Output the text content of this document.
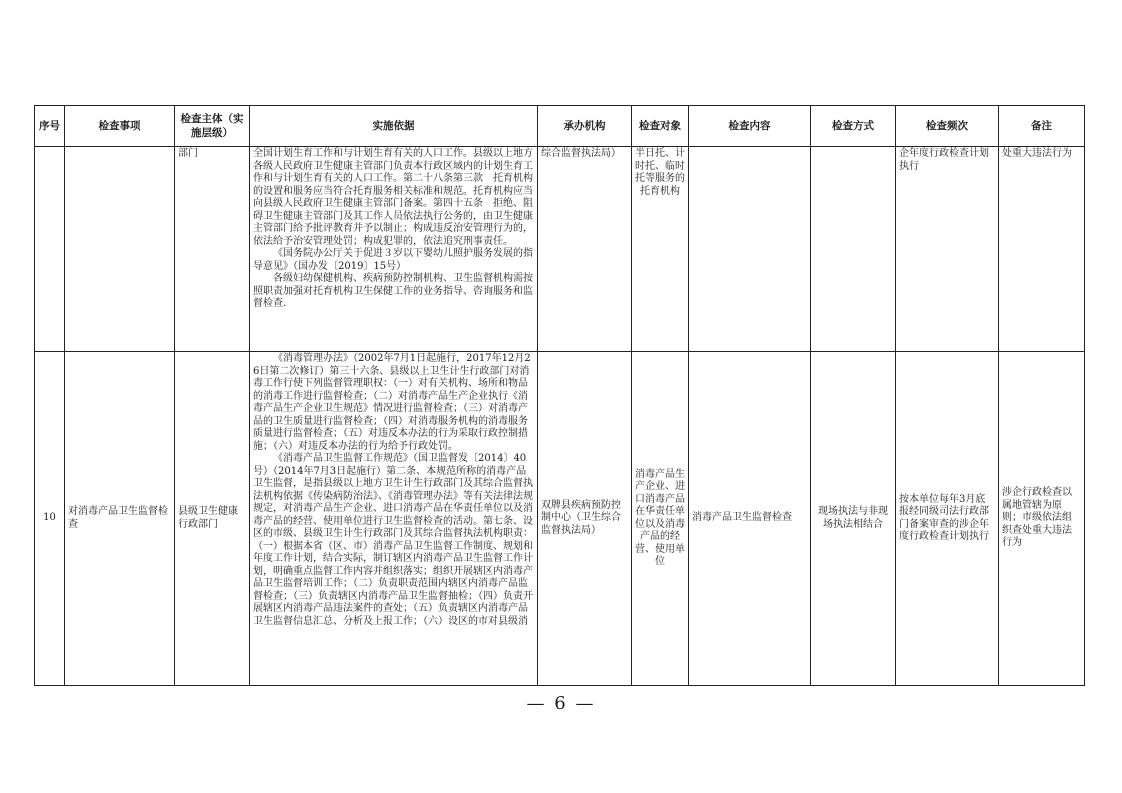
序号	检查事项	检查主体（实施层级）	实施依据	承办机构	检查对象	检查内容	检查方式	检查频次	备注
		部门	全国计划生育工作和与计划生育有关的人口工作。县级以上地方各级人民政府卫生健康主管部门负责本行政区域内的计划生育工作和与计划生育有关的人口工作。第二十八条第三款　托育机构的设置和服务应当符合托育服务相关标准和规范。托育机构应当向县级人民政府卫生健康主管部门备案。第四十五条　拒绝、阻碍卫生健康主管部门及其工作人员依法执行公务的，由卫生健康主管部门给予批评教育并予以制止；构成违反治安管理行为的，依法给予治安管理处罚；构成犯罪的，依法追究刑事责任。
《国务院办公厅关于促进３岁以下婴幼儿照护服务发展的指导意见》（国办发〔2019〕15号）
各级妇幼保健机构、疾病预防控制机构、卫生监督机构需按照职责加强对托育机构卫生保健工作的业务指导、咨询服务和监督检查.	综合监督执法局）	半日托、计时托、临时托等服务的托育机构			企年度行政检查计划执行	处重大违法行为
10	对消毒产品卫生监督检查	县级卫生健康行政部门	《消毒管理办法》（2002年7月1日起施行，2017年12月26日第二次修订）第三十六条、县级以上卫生计生行政部门对消毒工作行使下列监督管理职权：（一）对有关机构、场所和物品的消毒工作进行监督检查；（二）对消毒产品生产企业执行《消毒产品生产企业卫生规范》情况进行监督检查；（三）对消毒产品的卫生质量进行监督检查；（四）对消毒服务机构的消毒服务质量进行监督检查；（五）对违反本办法的行为采取行政控制措施；（六）对违反本办法的行为给予行政处罚。
《消毒产品卫生监督工作规范》（国卫监督发〔2014〕40号）（2014年7月3日起施行）第二条、本规范所称的消毒产品卫生监督，是指县级以上地方卫生计生行政部门及其综合监督执法机构依据《传染病防治法》、《消毒管理办法》等有关法律法规规定，对消毒产品生产企业、进口消毒产品在华责任单位以及消毒产品的经营、使用单位进行卫生监督检查的活动。第七条、设区的市级、县级卫生计生行政部门及其综合监督执法机构职责：（一）根据本省（区、市）消毒产品卫生监督工作制度、规划和年度工作计划，结合实际，制订辖区内消毒产品卫生监督工作计划，明确重点监督工作内容并组织落实；组织开展辖区内消毒产品卫生监督培训工作；（二）负责职责范围内辖区内消毒产品监督检查；（三）负责辖区内消毒产品卫生监督抽检；（四）负责开展辖区内消毒产品违法案件的查处；（五）负责辖区内消毒产品卫生监督信息汇总、分析及上报工作；（六）设区的市对县级消	双牌县疾病预防控制中心（卫生综合监督执法局）	消毒产品生产企业、进口消毒产品在华责任单位以及消毒产品的经营、使用单位	消毒产品卫生监督检查	现场执法与非现场执法相结合	按本单位每年3月底报经同级司法行政部门备案审查的涉企年度行政检查计划执行	涉企行政检查以属地管辖为原则；市级依法组织查处重大违法行为
— 6 —
